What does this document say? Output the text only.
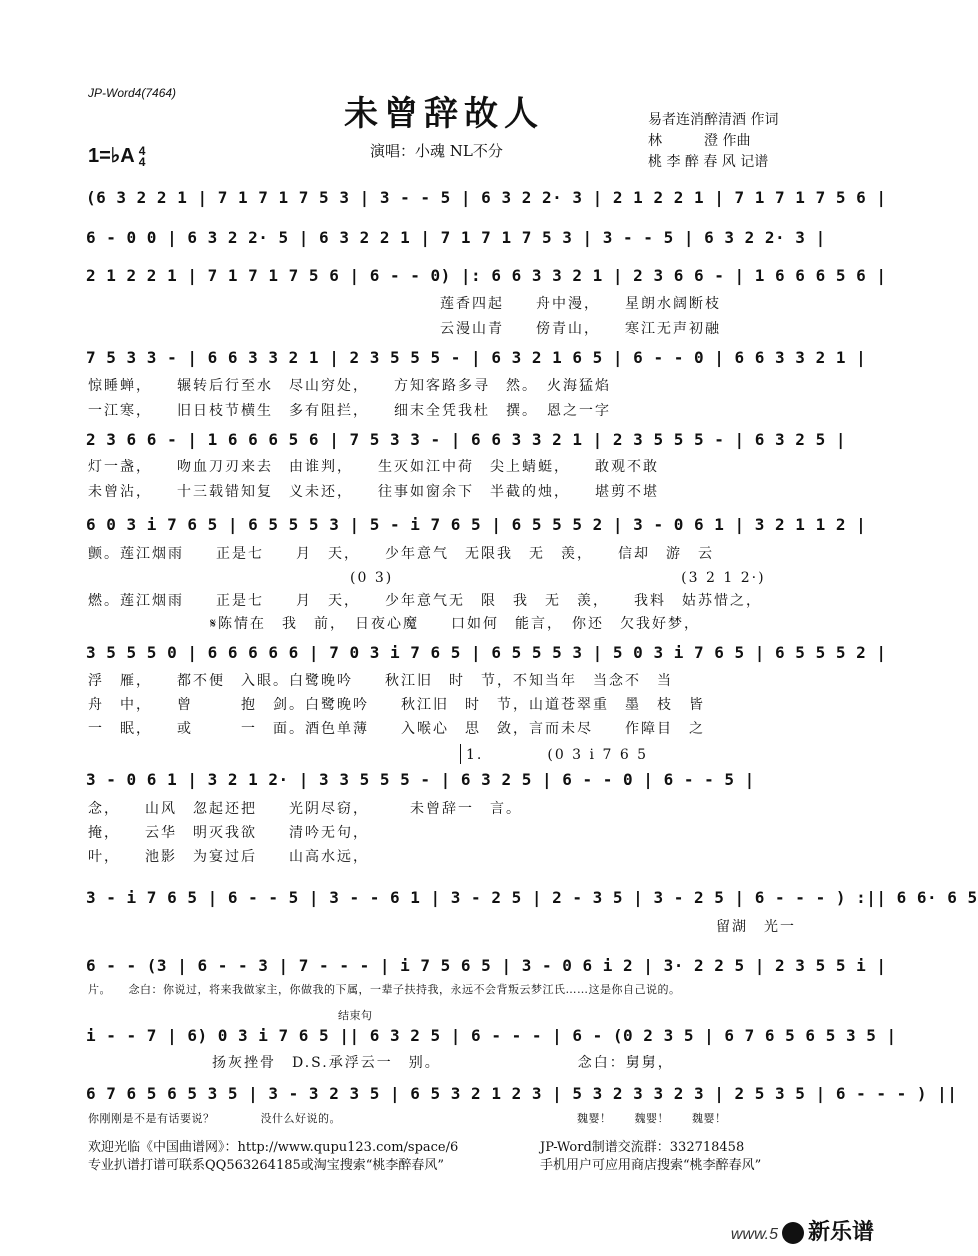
JP-Word4(7464)
未曾辞故人
1=♭A 4
4
演唱：小魂 NL不分
易者连消醉清酒 作词
林　　　澄 作曲
桃 李 醉 春 风 记谱
(6 3 2 2 1 | 7 1 7 1 7 5 3 | 3 - - 5 | 6 3 2 2· 3 | 2 1 2 2 1 | 7 1 7 1 7 5 6 |
6 - 0 0 | 6 3 2 2· 5 | 6 3 2 2 1 | 7 1 7 1 7 5 3 | 3 - - 5 | 6 3 2 2· 3 |
2 1 2 2 1 | 7 1 7 1 7 5 6 | 6 - - 0) |: 6 6 3 3 2 1 | 2 3 6 6 - | 1 6 6 6 5 6 |
莲香四起　　舟中漫，　　星朗水阔断枝
云漫山青　　傍青山，　　寒江无声初融
7 5 3 3 - | 6 6 3 3 2 1 | 2 3 5 5 5 - | 6 3 2 1 6 5 | 6 - - 0 | 6 6 3 3 2 1 |
惊睡蝉，　　辗转后行至水　尽山穷处，　　方知客路多寻　然。　火海猛焰
一江寒，　　旧日枝节横生　多有阻拦，　　细末全凭我杜　撰。　恩之一字
2 3 6 6 - | 1 6 6 6 5 6 | 7 5 3 3 - | 6 6 3 3 2 1 | 2 3 5 5 5 - | 6 3 2 5 |
灯一盏，　　吻血刀刃来去　由谁判，　　生灭如江中荷　尖上蜻蜓，　　敢观不敢
未曾沾，　　十三载错知复　义未还，　　往事如窗余下　半截的烛，　　堪剪不堪
6 0 3 i 7 6 5 | 6 5 5 5 3 | 5 - i 7 6 5 | 6 5 5 5 2 | 3 - 0 6 1 | 3 2 1 1 2 |
颤。莲江烟雨　　正是七　　月　天，　　少年意气　无限我　无　羡，　　信却　游　云
(0 3)　　　　　　　　　　　　　　　　　　(3 2 1 2·)
燃。莲江烟雨　　正是七　　月　天，　　少年意气无　限　我　无　羡，　　我料　姑苏惜之，
𝄋陈情在　我　前，　日夜心魔　　口如何　能言，　你还　欠我好梦，
3 5 5 5 0 | 6 6 6 6 6 | 7 0 3 i 7 6 5 | 6 5 5 5 3 | 5 0 3 i 7 6 5 | 6 5 5 5 2 |
浮　雁，　　都不便　入眼。白鹭晚吟　　秋江旧　时　节，不知当年　当念不　当
舟　中，　　曾　　　抱　剑。白鹭晚吟　　秋江旧　时　节，山道苍翠重　墨　枝　皆
一　眠，　　或　　　一　面。酒色单薄　　入喉心　思　敛，言而未尽　　作障目　之
1.　　　　(0 3 i 7 6 5
3 - 0 6 1 | 3 2 1 2· | 3 3 5 5 5 - | 6 3 2 5 | 6 - - 0 | 6 - - 5 |
念，　　山风　忽起还把　　光阴尽窃，　　　未曾辞一　言。
掩，　　云华　明灭我欲　　清吟无句，
叶，　　池影　为宴过后　　山高水远，
3 - i 7 6 5 | 6 - - 5 | 3 - - 6 1 | 3 - 2 5 | 2 - 3 5 | 3 - 2 5 | 6 - - - ) :|| 6 6· 6 5
留湖　光一
6 - - (3 | 6 - - 3 | 7 - - - | i 7 5 6 5 | 3 - 0 6 i 2 | 3· 2 2 5 | 2 3 5 5 i |
片。　　念白：你说过，将来我做家主，你做我的下属，一辈子扶持我，永远不会背叛云梦江氏……这是你自己说的。
i - - 7 | 6) 0 3 i 7 6 5 || 6 3 2 5 | 6 - - - | 6 - (0 2 3 5 | 6 7 6 5 6 5 3 5 |
结束句
扬灰挫骨　D.S.承浮云一　别。　　　　　　　　　念白：舅舅，
6 7 6 5 6 5 3 5 | 3 - 3 2 3 5 | 6 5 3 2 1 2 3 | 5 3 2 3 3 2 3 | 2 5 3 5 | 6 - - - ) ||
你刚刚是不是有话要说？　　　　没什么好说的。　　　　　　　　　　　　　　　　　　　　　魏婴！　　魏婴！　　魏婴！
欢迎光临《中国曲谱网》：http://www.qupu123.com/space/6	JP-Word制谱交流群：332718458
专业扒谱打谱可联系QQ563264185或淘宝搜索“桃李醉春风”	手机用户可应用商店搜索“桃李醉春风”
www.5 新乐谱
